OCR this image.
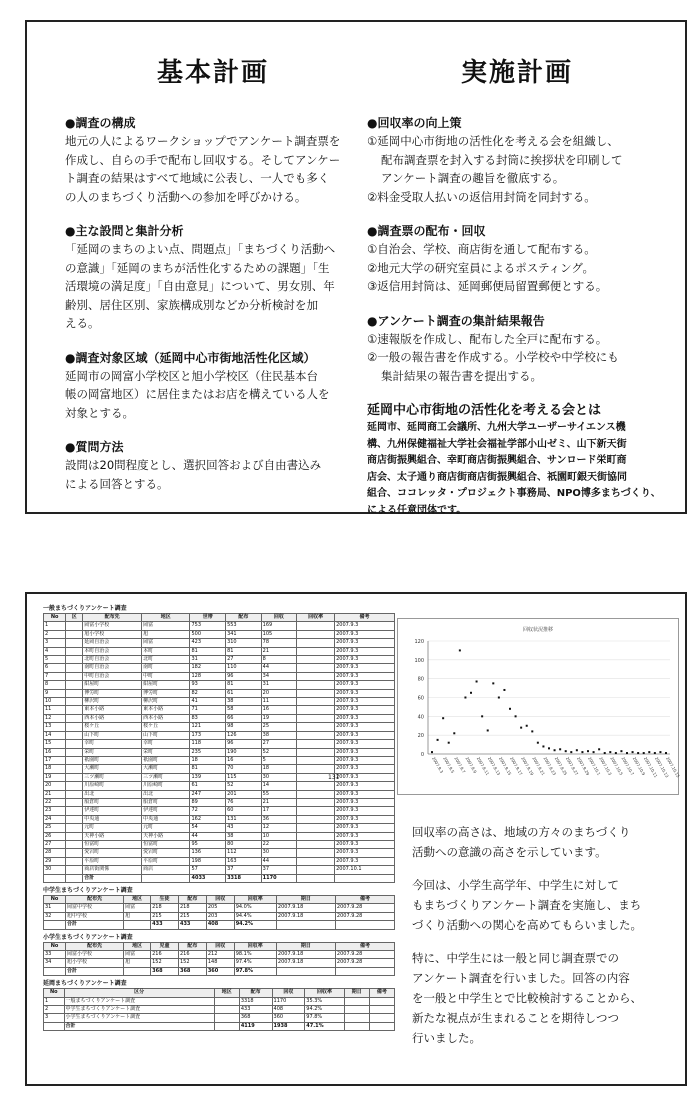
基本計画
●調査の構成
地元の人によるワークショップでアンケート調査票を
作成し、自らの手で配布し回収する。そしてアンケー
ト調査の結果はすべて地域に公表し、一人でも多く
の人のまちづくり活動への参加を呼びかける。
●主な設問と集計分析
「延岡のまちのよい点、問題点」「まちづくり活動へ
の意識」「延岡のまちが活性化するための課題」「生
活環境の満足度」「自由意見」について、男女別、年
齢別、居住区別、家族構成別などか分析検討を加
える。
●調査対象区域（延岡中心市街地活性化区域）
延岡市の岡富小学校区と旭小学校区（住民基本台
帳の岡富地区）に居住またはお店を構えている人を
対象とする。
●質問方法
設問は20問程度とし、選択回答および自由書込み
による回答とする。
実施計画
●回収率の向上策
①延岡中心市街地の活性化を考える会を組織し、
配布調査票を封入する封筒に挨拶状を印刷して
アンケート調査の趣旨を徹底する。
②料金受取人払いの返信用封筒を同封する。
●調査票の配布・回収
①自治会、学校、商店街を通して配布する。
②地元大学の研究室員によるポスティング。
③返信用封筒は、延岡郵便局留置郵便とする。
●アンケート調査の集計結果報告
①速報版を作成し、配布した全戸に配布する。
②一般の報告書を作成する。小学校や中学校にも
集計結果の報告書を提出する。
延岡中心市街地の活性化を考える会とは
延岡市、延岡商工会議所、九州大学ユーザーサイエンス機
構、九州保健福祉大学社会福祉学部小山ゼミ、山下新天街
商店街振興組合、幸町商店街振興組合、サンロード栄町商
店会、太子通り商店街商店街振興組合、祇園町銀天街協同
組合、ココレッタ・プロジェクト事務局、NPO博多まちづくり、
による任意団体です。
一般まちづくりアンケート調査
No	区	配布先	地区	世帯	配布	回収	回収率	備考
1		岡富小学校	岡富	753	553	169		2007.9.3
2		旭小学校	旭	500	341	105		2007.9.3
3		延岡自治会	岡富	423	310	78		2007.9.3
4		本町自治会	本町	81	81	21		2007.9.3
5		北町自治会	北町	31	27	8		2007.9.3
6		南町自治会	南町	182	110	44		2007.9.3
7		中町自治会	中町	128	96	34		2007.9.3
8		紺屋町	紺屋町	93	81	31		2007.9.3
9		博労町	博労町	82	61	20		2007.9.3
10		柳沢町	柳沢町	41	38	11		2007.9.3
11		東本小路	東本小路	71	58	16		2007.9.3
12		西本小路	西本小路	83	66	19		2007.9.3
13		桜ケ丘	桜ケ丘	121	98	25		2007.9.3
14		山下町	山下町	173	126	38		2007.9.3
15		幸町	幸町	118	96	27		2007.9.3
16		栄町	栄町	235	190	52		2007.9.3
17		祇園町	祇園町	18	16	5		2007.9.3
18		大瀬町	大瀬町	81	70	18		2007.9.3
19		三ツ瀬町	三ツ瀬町	139	115	30		2007.9.3
20		川原崎町	川原崎町	61	52	14		2007.9.3
21		出北	出北	247	201	55		2007.9.3
22		船倉町	船倉町	89	76	21		2007.9.3
23		伊達町	伊達町	72	60	17		2007.9.3
24		中央通	中央通	162	131	36		2007.9.3
25		元町	元町	54	43	12		2007.9.3
26		天神小路	天神小路	44	38	10		2007.9.3
27		恒富町	恒富町	95	80	22		2007.9.3
28		愛宕町	愛宕町	136	112	30		2007.9.3
29		平原町	平原町	198	163	44		2007.9.3
30		商店街関係	商店	57	37	37		2007.10.1
		合計		4033	3318	1170		
中学生まちづくりアンケート調査
No	配布先	地区	生徒	配布	回収	回収率	期日	備考
31	岡富中学校	岡富	218	218	205	94.0%	2007.9.18	2007.9.28
32	旭中学校	旭	215	215	203	94.4%	2007.9.18	2007.9.28
	合計		433	433	408	94.2%		
小学生まちづくりアンケート調査
No	配布先	地区	児童	配布	回収	回収率	期日	備考
33	岡富小学校	岡富	216	216	212	98.1%	2007.9.18	2007.9.28
34	旭小学校	旭	152	152	148	97.4%	2007.9.18	2007.9.28
	合計		368	368	360	97.8%		
延岡まちづくりアンケート調査
No	区分	地区	配布	回収	回収率	期日	備考
1	一般まちづくりアンケート調査		3318	1170	35.3%		
2	中学生まちづくりアンケート調査		433	408	94.2%		
3	小学生まちづくりアンケート調査		368	360	97.8%		
	合計		4119	1938	47.1%		
131
回収状況推移
0
20
40
60
80
100
120
2007.9.3
2007.9.5
2007.9.7
2007.9.9
2007.9.11
2007.9.13
2007.9.15
2007.9.17
2007.9.19
2007.9.21
2007.9.23
2007.9.25
2007.9.27
2007.9.29
2007.10.1
2007.10.3
2007.10.5
2007.10.7
2007.10.9
2007.10.11
2007.10.13
2007.10.15

回収率の高さは、地域の方々のまちづくり
活動への意識の高さを示しています。

今回は、小学生高学年、中学生に対して
もまちづくりアンケート調査を実施し、まち
づくり活動への関心を高めてもらいました。

特に、中学生には一般と同じ調査票での
アンケート調査を行いました。回答の内容
を一般と中学生とで比較検討することから、
新たな視点が生まれることを期待しつつ
行いました。
